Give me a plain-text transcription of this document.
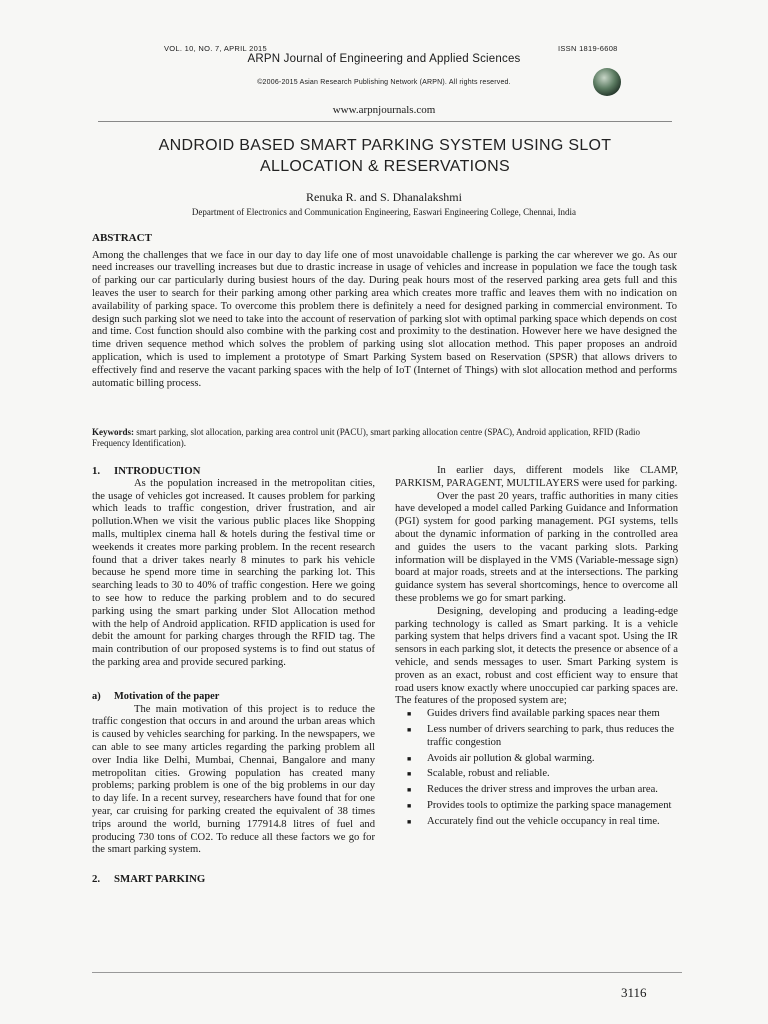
VOL. 10, NO. 7, APRIL 2015	ISSN 1819-6608
ARPN Journal of Engineering and Applied Sciences
©2006-2015 Asian Research Publishing Network (ARPN). All rights reserved.
www.arpnjournals.com
ANDROID BASED SMART PARKING SYSTEM USING SLOT
ALLOCATION & RESERVATIONS
Renuka R. and S. Dhanalakshmi
Department of Electronics and Communication Engineering, Easwari Engineering College, Chennai, India
ABSTRACT

Among the challenges that we face in our day to day life one of most unavoidable challenge is parking the car wherever we go. As our need increases our travelling increases but due to drastic increase in usage of vehicles and increase in population we face the tough task of parking our car particularly during busiest hours of the day. During peak hours most of the reserved parking area gets full and this leaves the user to search for their parking among other parking area which creates more traffic and leaves them with no indication on availability of parking space. To overcome this problem there is definitely a need for designed parking in commercial environment. To design such parking slot we need to take into the account of reservation of parking slot with optimal parking space which depends on cost and time. Cost function should also combine with the parking cost and proximity to the destination. However here we have designed the time driven sequence method which solves the problem of parking using slot allocation method. This paper proposes an android application, which is used to implement a prototype of Smart Parking System based on Reservation (SPSR) that allows drivers to effectively find and reserve the vacant parking spaces with the help of IoT (Internet of Things) with slot allocation method and performs automatic billing process.
Keywords: smart parking, slot allocation, parking area control unit (PACU), smart parking allocation centre (SPAC), Android application, RFID (Radio Frequency Identification).

1. INTRODUCTION

As the population increased in the metropolitan cities, the usage of vehicles got increased. It causes problem for parking which leads to traffic congestion, driver frustration, and air pollution.When we visit the various public places like Shopping malls, multiplex cinema hall & hotels during the festival time or weekends it creates more parking problem. In the recent research found that a driver takes nearly 8 minutes to park his vehicle because he spend more time in searching the parking lot. This searching leads to 30 to 40% of traffic congestion. Here we going to see how to reduce the parking problem and to do secured parking using the smart parking under Slot Allocation method with the help of Android application. RFID application is used for debit the amount for parking charges through the RFID tag. The main contribution of our proposed systems is to find out status of the parking area and provide secured parking.

a) Motivation of the paper

The main motivation of this project is to reduce the traffic congestion that occurs in and around the urban areas which is caused by vehicles searching for parking. In the newspapers, we can able to see many articles regarding the parking problem all over India like Delhi, Mumbai, Chennai, Bangalore and many metropolitan cities. Growing population has created many problems; parking problem is one of the big problems in our day to day life. In a recent survey, researchers have found that for one year, car cruising for parking created the equivalent of 38 times trips around the world, burning 177914.8 litres of fuel and producing 730 tons of CO2. To reduce all these factors we go for the smart parking system.

2. SMART PARKING

In earlier days, different models like CLAMP, PARKISM, PARAGENT, MULTILAYERS were used for parking.

Over the past 20 years, traffic authorities in many cities have developed a model called Parking Guidance and Information (PGI) system for good parking management. PGI systems, tells about the dynamic information of parking in the controlled area and guides the users to the vacant parking slots. Parking information will be displayed in the VMS (Variable-message sign) board at major roads, streets and at the intersections. The parking guidance system has several shortcomings, hence to overcome all these problems we go for smart parking.

Designing, developing and producing a leading-edge parking technology is called as Smart parking. It is a vehicle parking system that helps drivers find a vacant spot. Using the IR sensors in each parking slot, it detects the presence or absence of a vehicle, and sends messages to user. Smart Parking system is proven as an exact, robust and cost efficient way to ensure that road users know exactly where unoccupied car parking spaces are. The features of the proposed system are;

■ Guides drivers find available parking spaces near them
■ Less number of drivers searching to park, thus reduces the traffic congestion
■ Avoids air pollution & global warming.
■ Scalable, robust and reliable.
■ Reduces the driver stress and improves the urban area.
■ Provides tools to optimize the parking space management
■ Accurately find out the vehicle occupancy in real time.
3116
